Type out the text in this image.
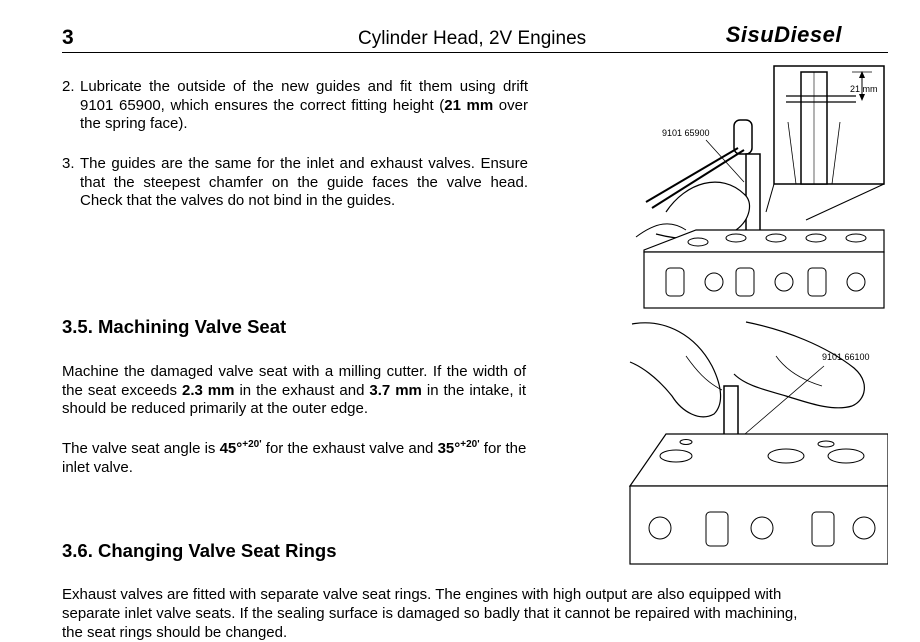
3	Cylinder Head, 2V Engines	SisuDiesel
2. Lubricate the outside of the new guides and fit them using drift 9101 65900, which ensures the correct fitting height (21 mm over the spring face).
3. The guides are the same for the inlet and exhaust valves. Ensure that the steepest chamfer on the guide faces the valve head. Check that the valves do not bind in the guides.
3.5. Machining Valve Seat
Machine the damaged valve seat with a milling cutter. If the width of the seat exceeds 2.3 mm in the exhaust and 3.7 mm in the intake, it should be reduced primarily at the outer edge.
The valve seat angle is 45°$^{+20'}$ for the exhaust valve and 35°$^{+20'}$ for the inlet valve.
3.6. Changing Valve Seat Rings
Exhaust valves are fitted with separate valve seat rings. The engines with high output are also equipped with separate inlet valve seats. If the sealing surface is damaged so badly that it cannot be repaired with machining, the seat rings should be changed.
21 mm
9101 65900
9101 66100
